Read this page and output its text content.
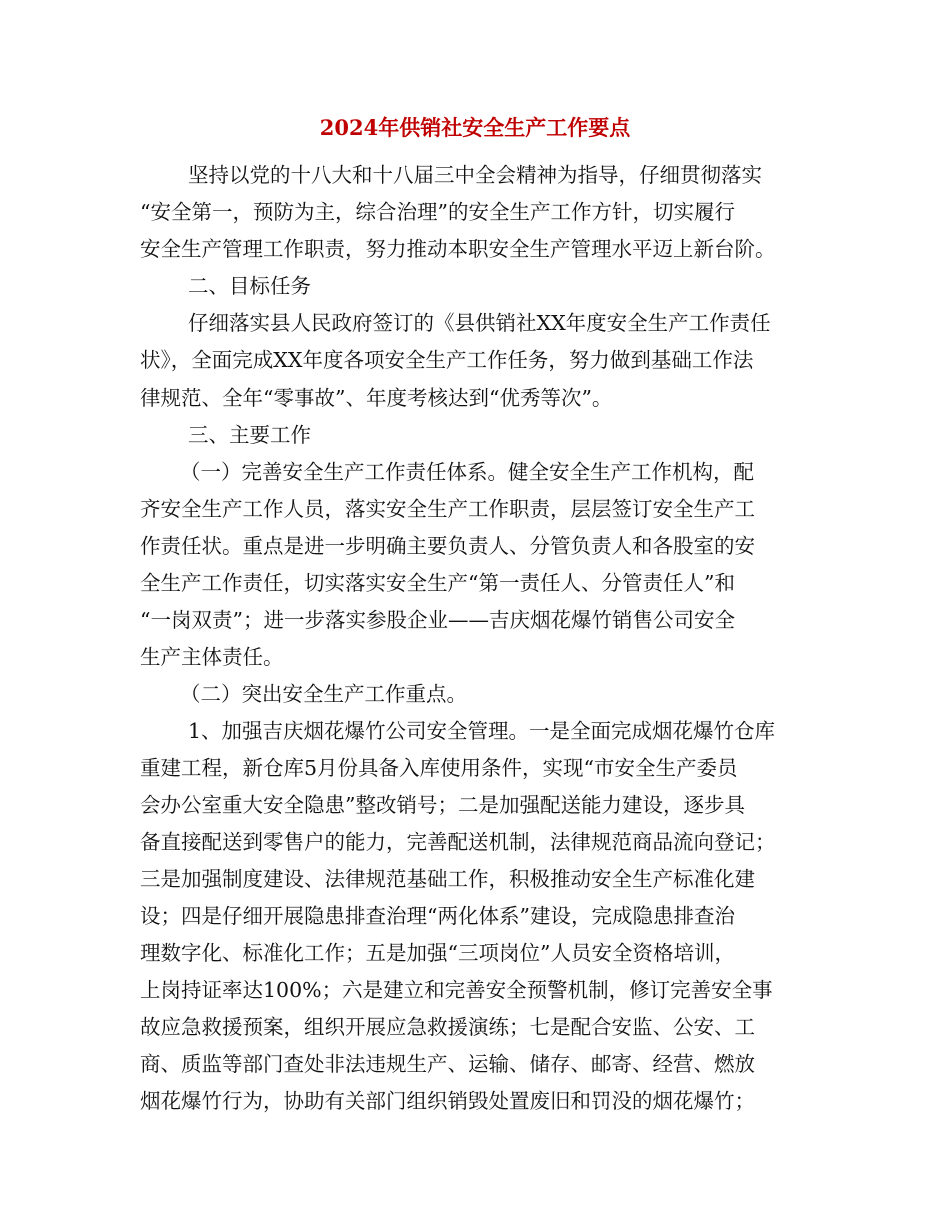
2024年供销社安全生产工作要点
坚持以党的十八大和十八届三中全会精神为指导，仔细贯彻落实
“安全第一，预防为主，综合治理”的安全生产工作方针，切实履行
安全生产管理工作职责，努力推动本职安全生产管理水平迈上新台阶。
二、目标任务
仔细落实县人民政府签订的《县供销社XX年度安全生产工作责任
状》，全面完成XX年度各项安全生产工作任务，努力做到基础工作法
律规范、全年“零事故”、年度考核达到“优秀等次”。
三、主要工作
（一）完善安全生产工作责任体系。健全安全生产工作机构，配
齐安全生产工作人员，落实安全生产工作职责，层层签订安全生产工
作责任状。重点是进一步明确主要负责人、分管负责人和各股室的安
全生产工作责任，切实落实安全生产“第一责任人、分管责任人”和
“一岗双责”；进一步落实参股企业——吉庆烟花爆竹销售公司安全
生产主体责任。
（二）突出安全生产工作重点。
1、加强吉庆烟花爆竹公司安全管理。一是全面完成烟花爆竹仓库
重建工程，新仓库5月份具备入库使用条件，实现“市安全生产委员
会办公室重大安全隐患”整改销号；二是加强配送能力建设，逐步具
备直接配送到零售户的能力，完善配送机制，法律规范商品流向登记；
三是加强制度建设、法律规范基础工作，积极推动安全生产标准化建
设；四是仔细开展隐患排查治理“两化体系”建设，完成隐患排查治
理数字化、标准化工作；五是加强“三项岗位”人员安全资格培训，
上岗持证率达100%；六是建立和完善安全预警机制，修订完善安全事
故应急救援预案，组织开展应急救援演练；七是配合安监、公安、工
商、质监等部门查处非法违规生产、运输、储存、邮寄、经营、燃放
烟花爆竹行为，协助有关部门组织销毁处置废旧和罚没的烟花爆竹；
